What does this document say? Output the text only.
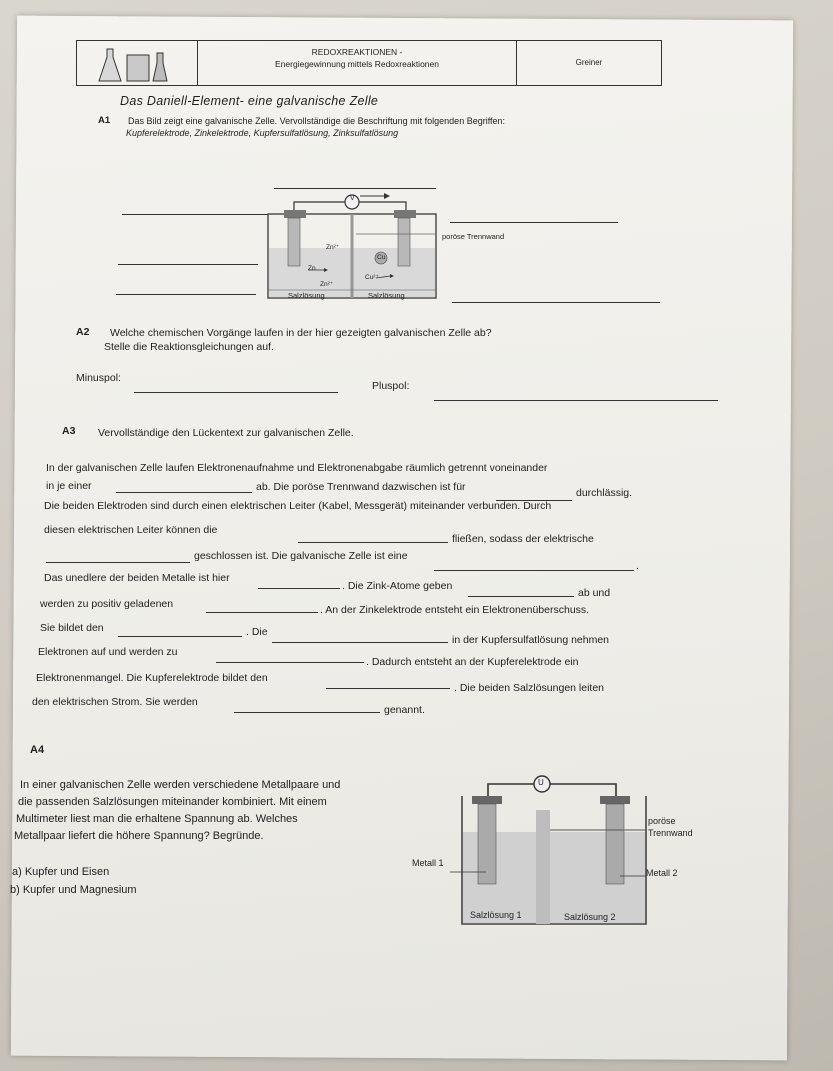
REDOXREAKTIONEN -
Energiegewinnung mittels Redoxreaktionen	Greiner
Das Daniell-Element- eine galvanische Zelle
A1 Das Bild zeigt eine galvanische Zelle. Vervollständige die Beschriftung mit folgenden Begriffen:
Kupferelektrode, Zinkelektrode, Kupfersulfatlösung, Zinksulfatlösung
V
poröse Trennwand
Zn²⁺
Zn
Zn²⁺
Cu
Cu²⁺
Salzlösung	Salzlösung
A2 Welche chemischen Vorgänge laufen in der hier gezeigten galvanischen Zelle ab?
Stelle die Reaktionsgleichungen auf.
Minuspol:
Pluspol:
A3 Vervollständige den Lückentext zur galvanischen Zelle.
In der galvanischen Zelle laufen Elektronenaufnahme und Elektronenabgabe räumlich getrennt voneinander
in je einer	ab. Die poröse Trennwand dazwischen ist für	durchlässig.
Die beiden Elektroden sind durch einen elektrischen Leiter (Kabel, Messgerät) miteinander verbunden. Durch
diesen elektrischen Leiter können die
fließen, sodass der elektrische
geschlossen ist. Die galvanische Zelle ist eine
.
Das unedlere der beiden Metalle ist hier
. Die Zink-Atome geben
ab und
werden zu positiv geladenen	. An der Zinkelektrode entsteht ein Elektronenüberschuss.
Sie bildet den	. Die
in der Kupfersulfatlösung nehmen
Elektronen auf und werden zu
. Dadurch entsteht an der Kupferelektrode ein
Elektronenmangel. Die Kupferelektrode bildet den
. Die beiden Salzlösungen leiten
den elektrischen Strom. Sie werden
genannt.
A4
In einer galvanischen Zelle werden verschiedene Metallpaare und
die passenden Salzlösungen miteinander kombiniert. Mit einem
Multimeter liest man die erhaltene Spannung ab. Welches
Metallpaar liefert die höhere Spannung? Begründe.
a) Kupfer und Eisen
b) Kupfer und Magnesium
U
poröse
Trennwand
Metall 1
Metall 2
Salzlösung 1	Salzlösung 2
